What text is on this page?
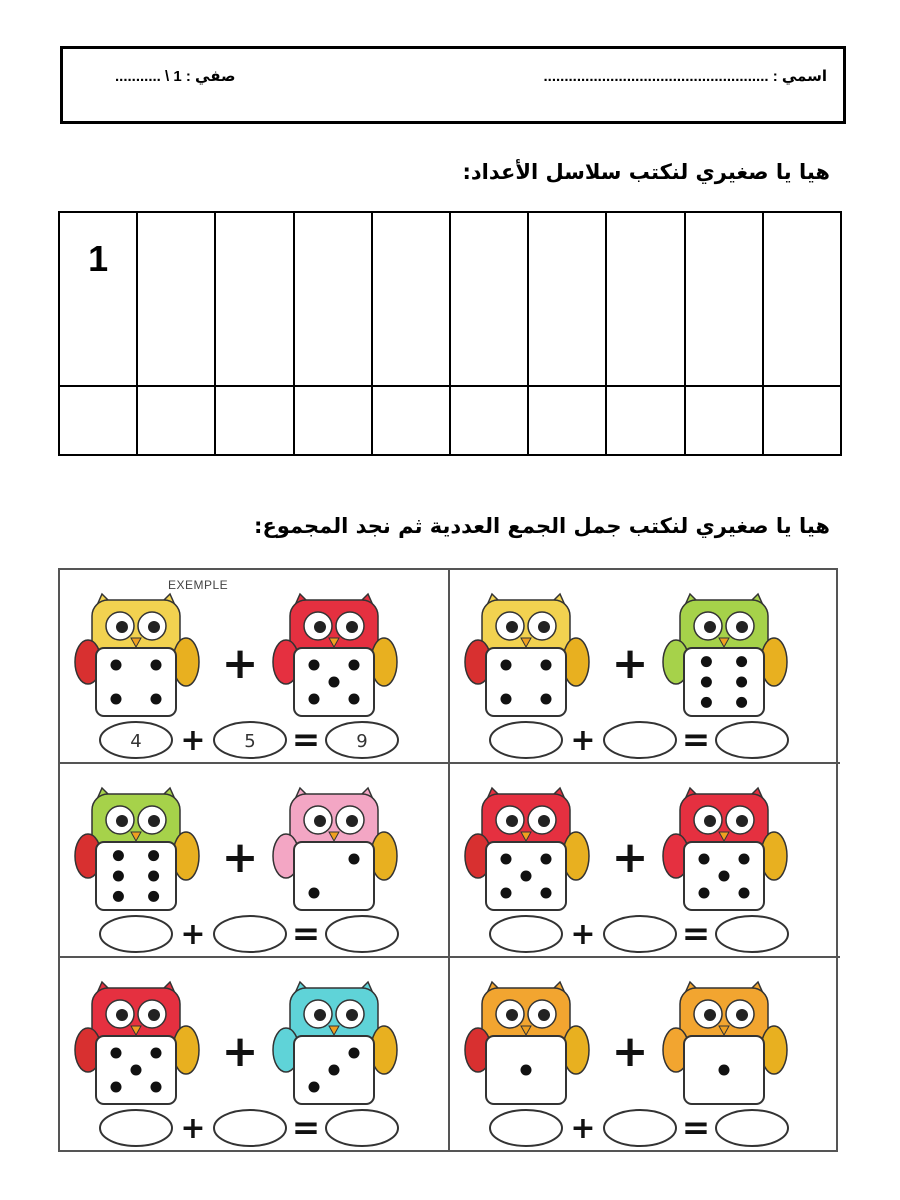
اسمي : ......................................................
صفي : 1 \ ...........
هيا يا صغيري لنكتب سلاسل الأعداد:
1									

هيا يا صغيري لنكتب جمل الجمع العددية ثم نجد المجموع:
EXEMPLE
+
4	5	9
+	=
+
+	=
+
+	=
+
+	=
+
+	=
+
+	=
